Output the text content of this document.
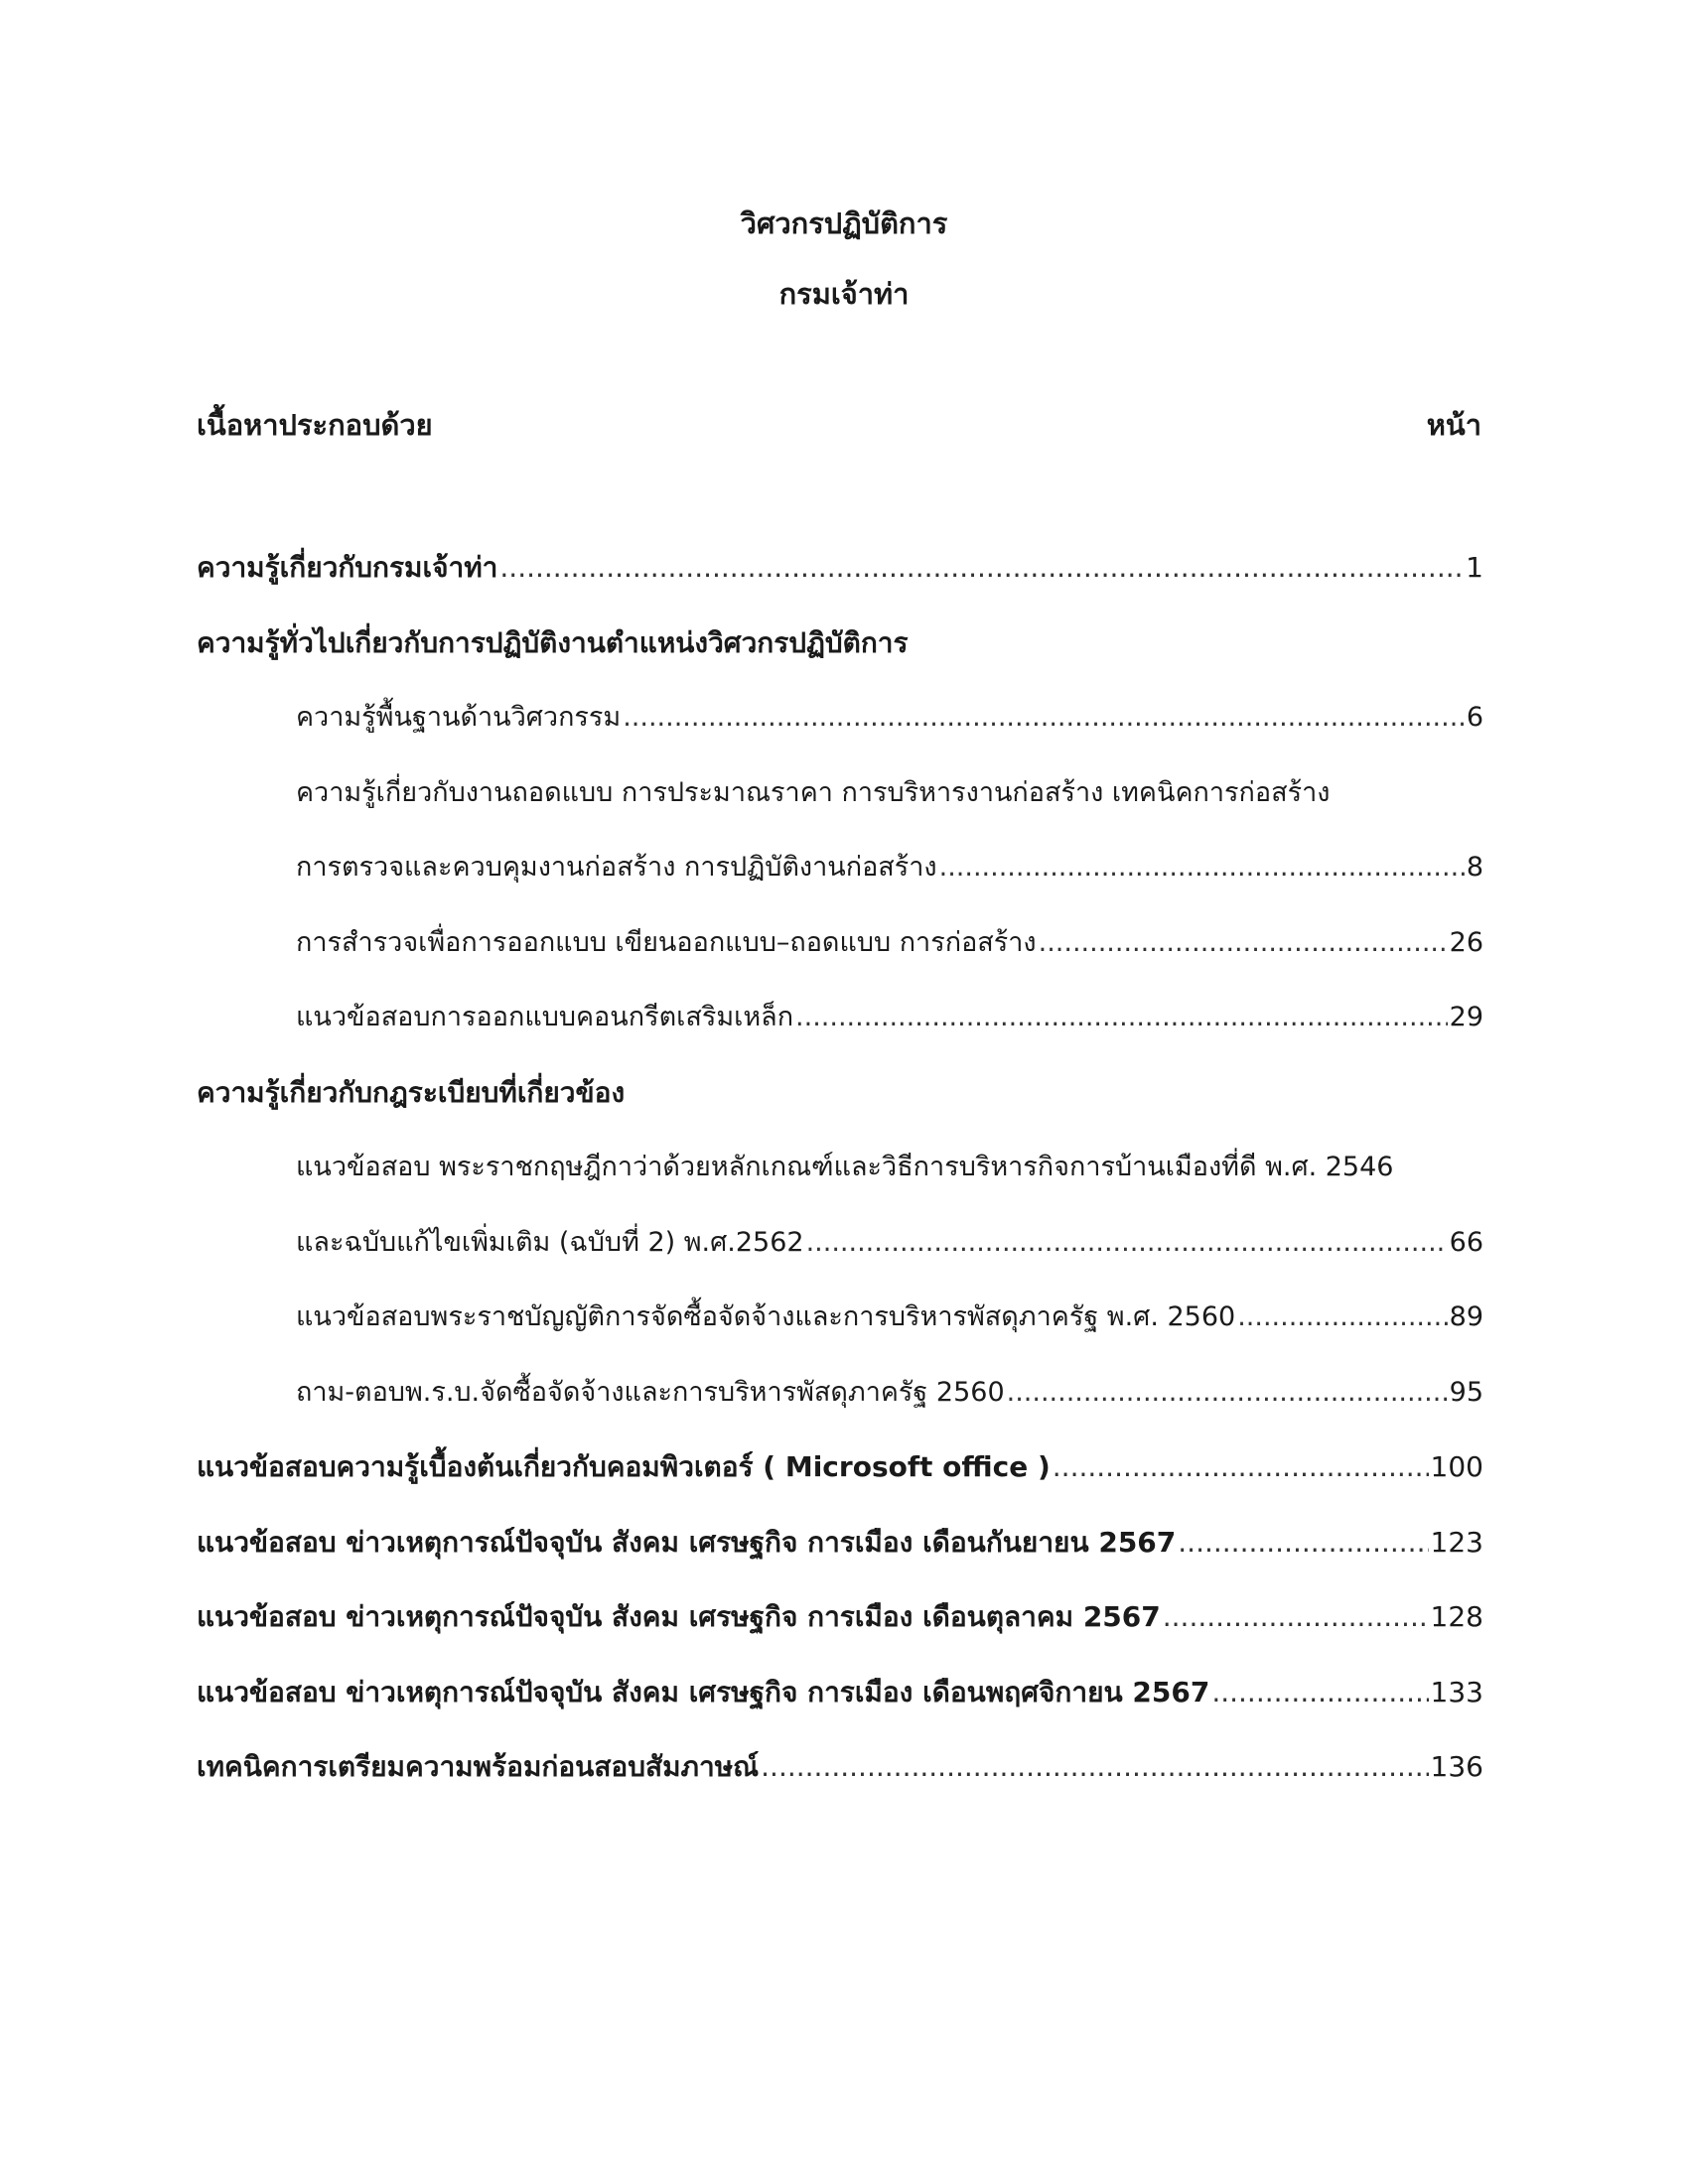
วิศวกรปฏิบัติการ
กรมเจ้าท่า
เนื้อหาประกอบด้วย	หน้า
ความรู้เกี่ยวกับกรมเจ้าท่า .....	1
ความรู้ทั่วไปเกี่ยวกับการปฏิบัติงานตำแหน่งวิศวกรปฏิบัติการ
ความรู้พื้นฐานด้านวิศวกรรม .....	6
ความรู้เกี่ยวกับงานถอดแบบ การประมาณราคา การบริหารงานก่อสร้าง เทคนิคการก่อสร้าง
การตรวจและควบคุมงานก่อสร้าง การปฏิบัติงานก่อสร้าง .....	8
การสำรวจเพื่อการออกแบบ เขียนออกแบบ–ถอดแบบ การก่อสร้าง .....	26
แนวข้อสอบการออกแบบคอนกรีตเสริมเหล็ก .....	29
ความรู้เกี่ยวกับกฎระเบียบที่เกี่ยวข้อง
แนวข้อสอบ พระราชกฤษฎีกาว่าด้วยหลักเกณฑ์และวิธีการบริหารกิจการบ้านเมืองที่ดี พ.ศ. 2546
และฉบับแก้ไขเพิ่มเติม (ฉบับที่ 2) พ.ศ.2562 .....	66
แนวข้อสอบพระราชบัญญัติการจัดซื้อจัดจ้างและการบริหารพัสดุภาครัฐ พ.ศ. 2560 .....	89
ถาม-ตอบพ.ร.บ.จัดซื้อจัดจ้างและการบริหารพัสดุภาครัฐ 2560 .....	95
แนวข้อสอบความรู้เบื้องต้นเกี่ยวกับคอมพิวเตอร์ ( Microsoft office ) .....	100
แนวข้อสอบ ข่าวเหตุการณ์ปัจจุบัน สังคม เศรษฐกิจ การเมือง เดือนกันยายน 2567 .....	123
แนวข้อสอบ ข่าวเหตุการณ์ปัจจุบัน สังคม เศรษฐกิจ การเมือง เดือนตุลาคม 2567 .....	128
แนวข้อสอบ ข่าวเหตุการณ์ปัจจุบัน สังคม เศรษฐกิจ การเมือง เดือนพฤศจิกายน 2567 .....	133
เทคนิคการเตรียมความพร้อมก่อนสอบสัมภาษณ์ .....	136
